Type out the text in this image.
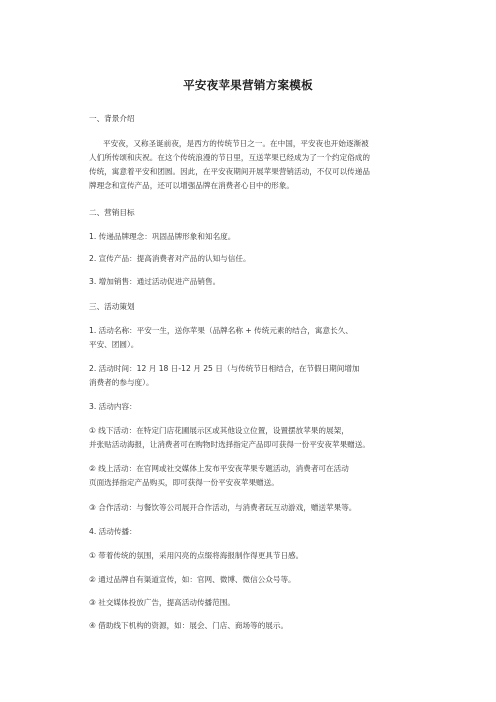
平安夜苹果营销方案模板
一、背景介绍
平安夜，又称圣诞前夜，是西方的传统节日之一。在中国，平安夜也开始逐渐被
人们所传颂和庆祝。在这个传统浪漫的节日里，互送苹果已经成为了一个约定俗成的
传统，寓意着平安和团圆。因此，在平安夜期间开展苹果营销活动，不仅可以传递品
牌理念和宣传产品，还可以增强品牌在消费者心目中的形象。
二、营销目标
1. 传递品牌理念：巩固品牌形象和知名度。
2. 宣传产品：提高消费者对产品的认知与信任。
3. 增加销售：通过活动促进产品销售。
三、活动策划
1. 活动名称：平安一生，送你苹果（品牌名称 + 传统元素的结合，寓意长久、
平安、团圆）。
2. 活动时间：12 月 18 日-12 月 25 日（与传统节日相结合，在节假日期间增加
消费者的参与度）。
3. 活动内容：
① 线下活动：在特定门店花圃展示区或其他设立位置，设置摆放苹果的展架，
并张贴活动海报，让消费者可在购物时选择指定产品即可获得一份平安夜苹果赠送。
② 线上活动：在官网或社交媒体上发布平安夜苹果专题活动，消费者可在活动
页面选择指定产品购买，即可获得一份平安夜苹果赠送。
③ 合作活动：与餐饮等公司展开合作活动，与消费者玩互动游戏，赠送苹果等。
4. 活动传播：
① 带着传统的氛围，采用闪亮的点缀将海报制作得更具节日感。
② 通过品牌自有渠道宣传，如：官网、微博、微信公众号等。
③ 社交媒体投放广告，提高活动传播范围。
④ 借助线下机构的资源，如：展会、门店、商场等的展示。
